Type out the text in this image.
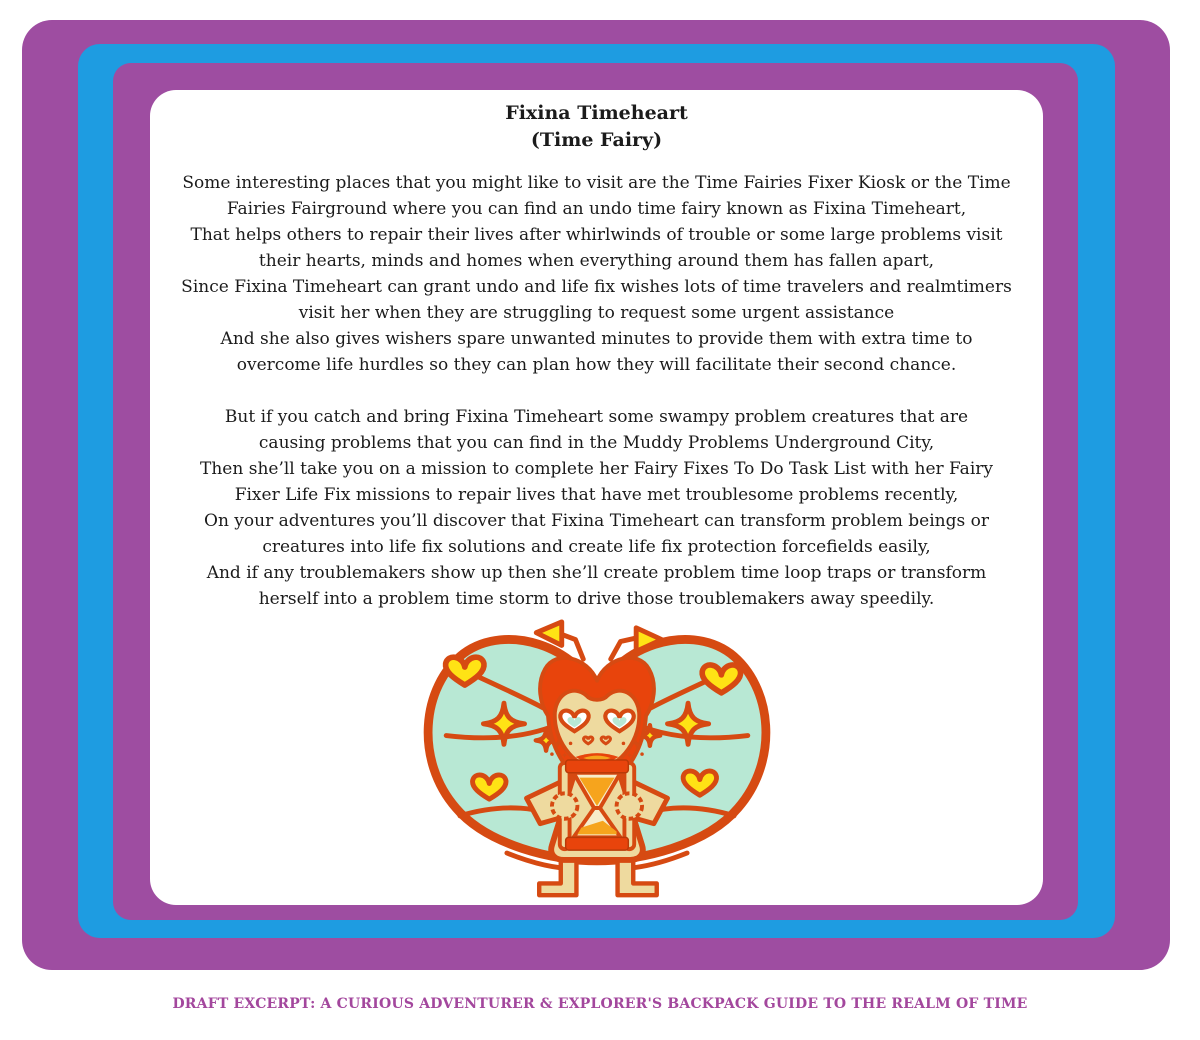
Fixina Timeheart
(Time Fairy)
Some interesting places that you might like to visit are the Time Fairies Fixer Kiosk or the Time
Fairies Fairground where you can find an undo time fairy known as Fixina Timeheart,
That helps others to repair their lives after whirlwinds of trouble or some large problems visit
their hearts, minds and homes when everything around them has fallen apart,
Since Fixina Timeheart can grant undo and life fix wishes lots of time travelers and realmtimers
visit her when they are struggling to request some urgent assistance
And she also gives wishers spare unwanted minutes to provide them with extra time to
overcome life hurdles so they can plan how they will facilitate their second chance.
But if you catch and bring Fixina Timeheart some swampy problem creatures that are
causing problems that you can find in the Muddy Problems Underground City,
Then she’ll take you on a mission to complete her Fairy Fixes To Do Task List with her Fairy
Fixer Life Fix missions to repair lives that have met troublesome problems recently,
On your adventures you’ll discover that Fixina Timeheart can transform problem beings or
creatures into life fix solutions and create life fix protection forcefields easily,
And if any troublemakers show up then she’ll create problem time loop traps or transform
herself into a problem time storm to drive those troublemakers away speedily.
DRAFT EXCERPT: A CURIOUS ADVENTURER & EXPLORER'S BACKPACK GUIDE TO THE REALM OF TIME
